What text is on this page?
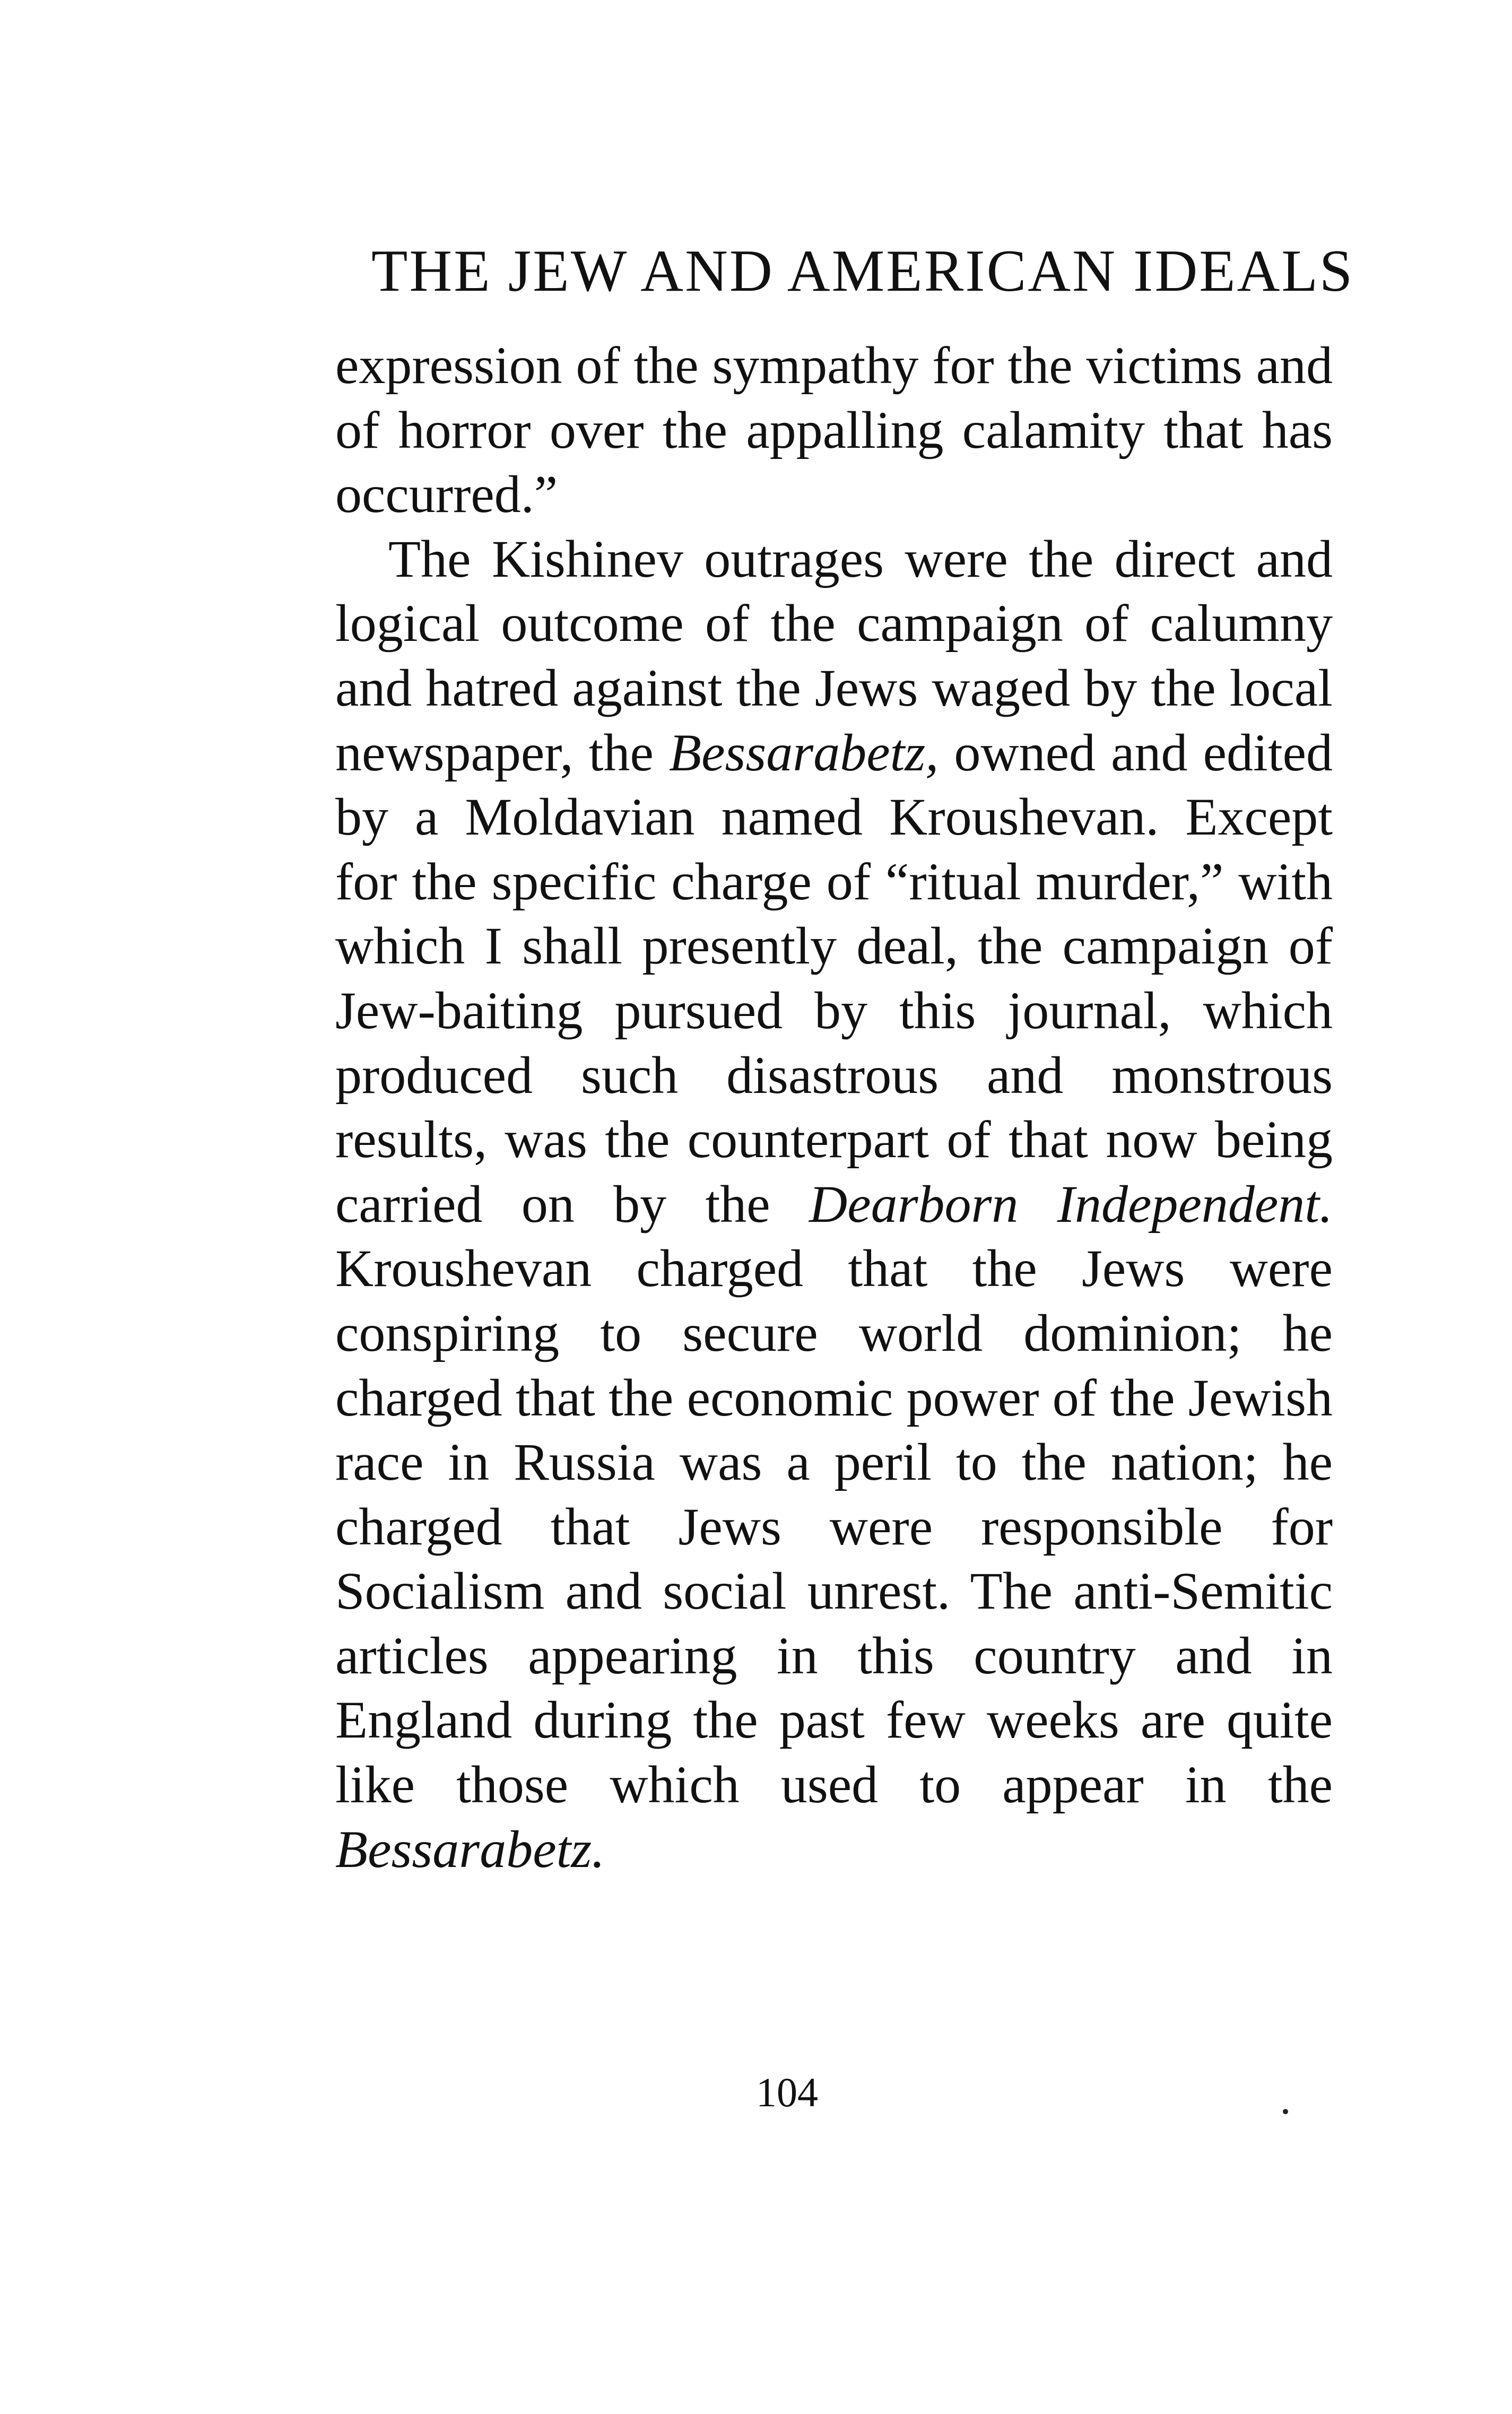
THE JEW AND AMERICAN IDEALS

expression of the sympathy for the victims and of horror over the appalling calamity that has occurred.”

The Kishinev outrages were the direct and logical outcome of the campaign of calumny and hatred against the Jews waged by the local newspaper, the Bessarabetz, owned and edited by a Moldavian named Kroushevan. Except for the specific charge of “ritual murder,” with which I shall presently deal, the campaign of Jew-baiting pursued by this journal, which produced such disastrous and monstrous results, was the counterpart of that now being carried on by the Dearborn Independent. Kroushevan charged that the Jews were conspiring to secure world dominion; he charged that the economic power of the Jewish race in Russia was a peril to the nation; he charged that Jews were responsible for Socialism and social unrest. The anti-Semitic articles appearing in this country and in England during the past few weeks are quite like those which used to appear in the Bessarabetz.

104
